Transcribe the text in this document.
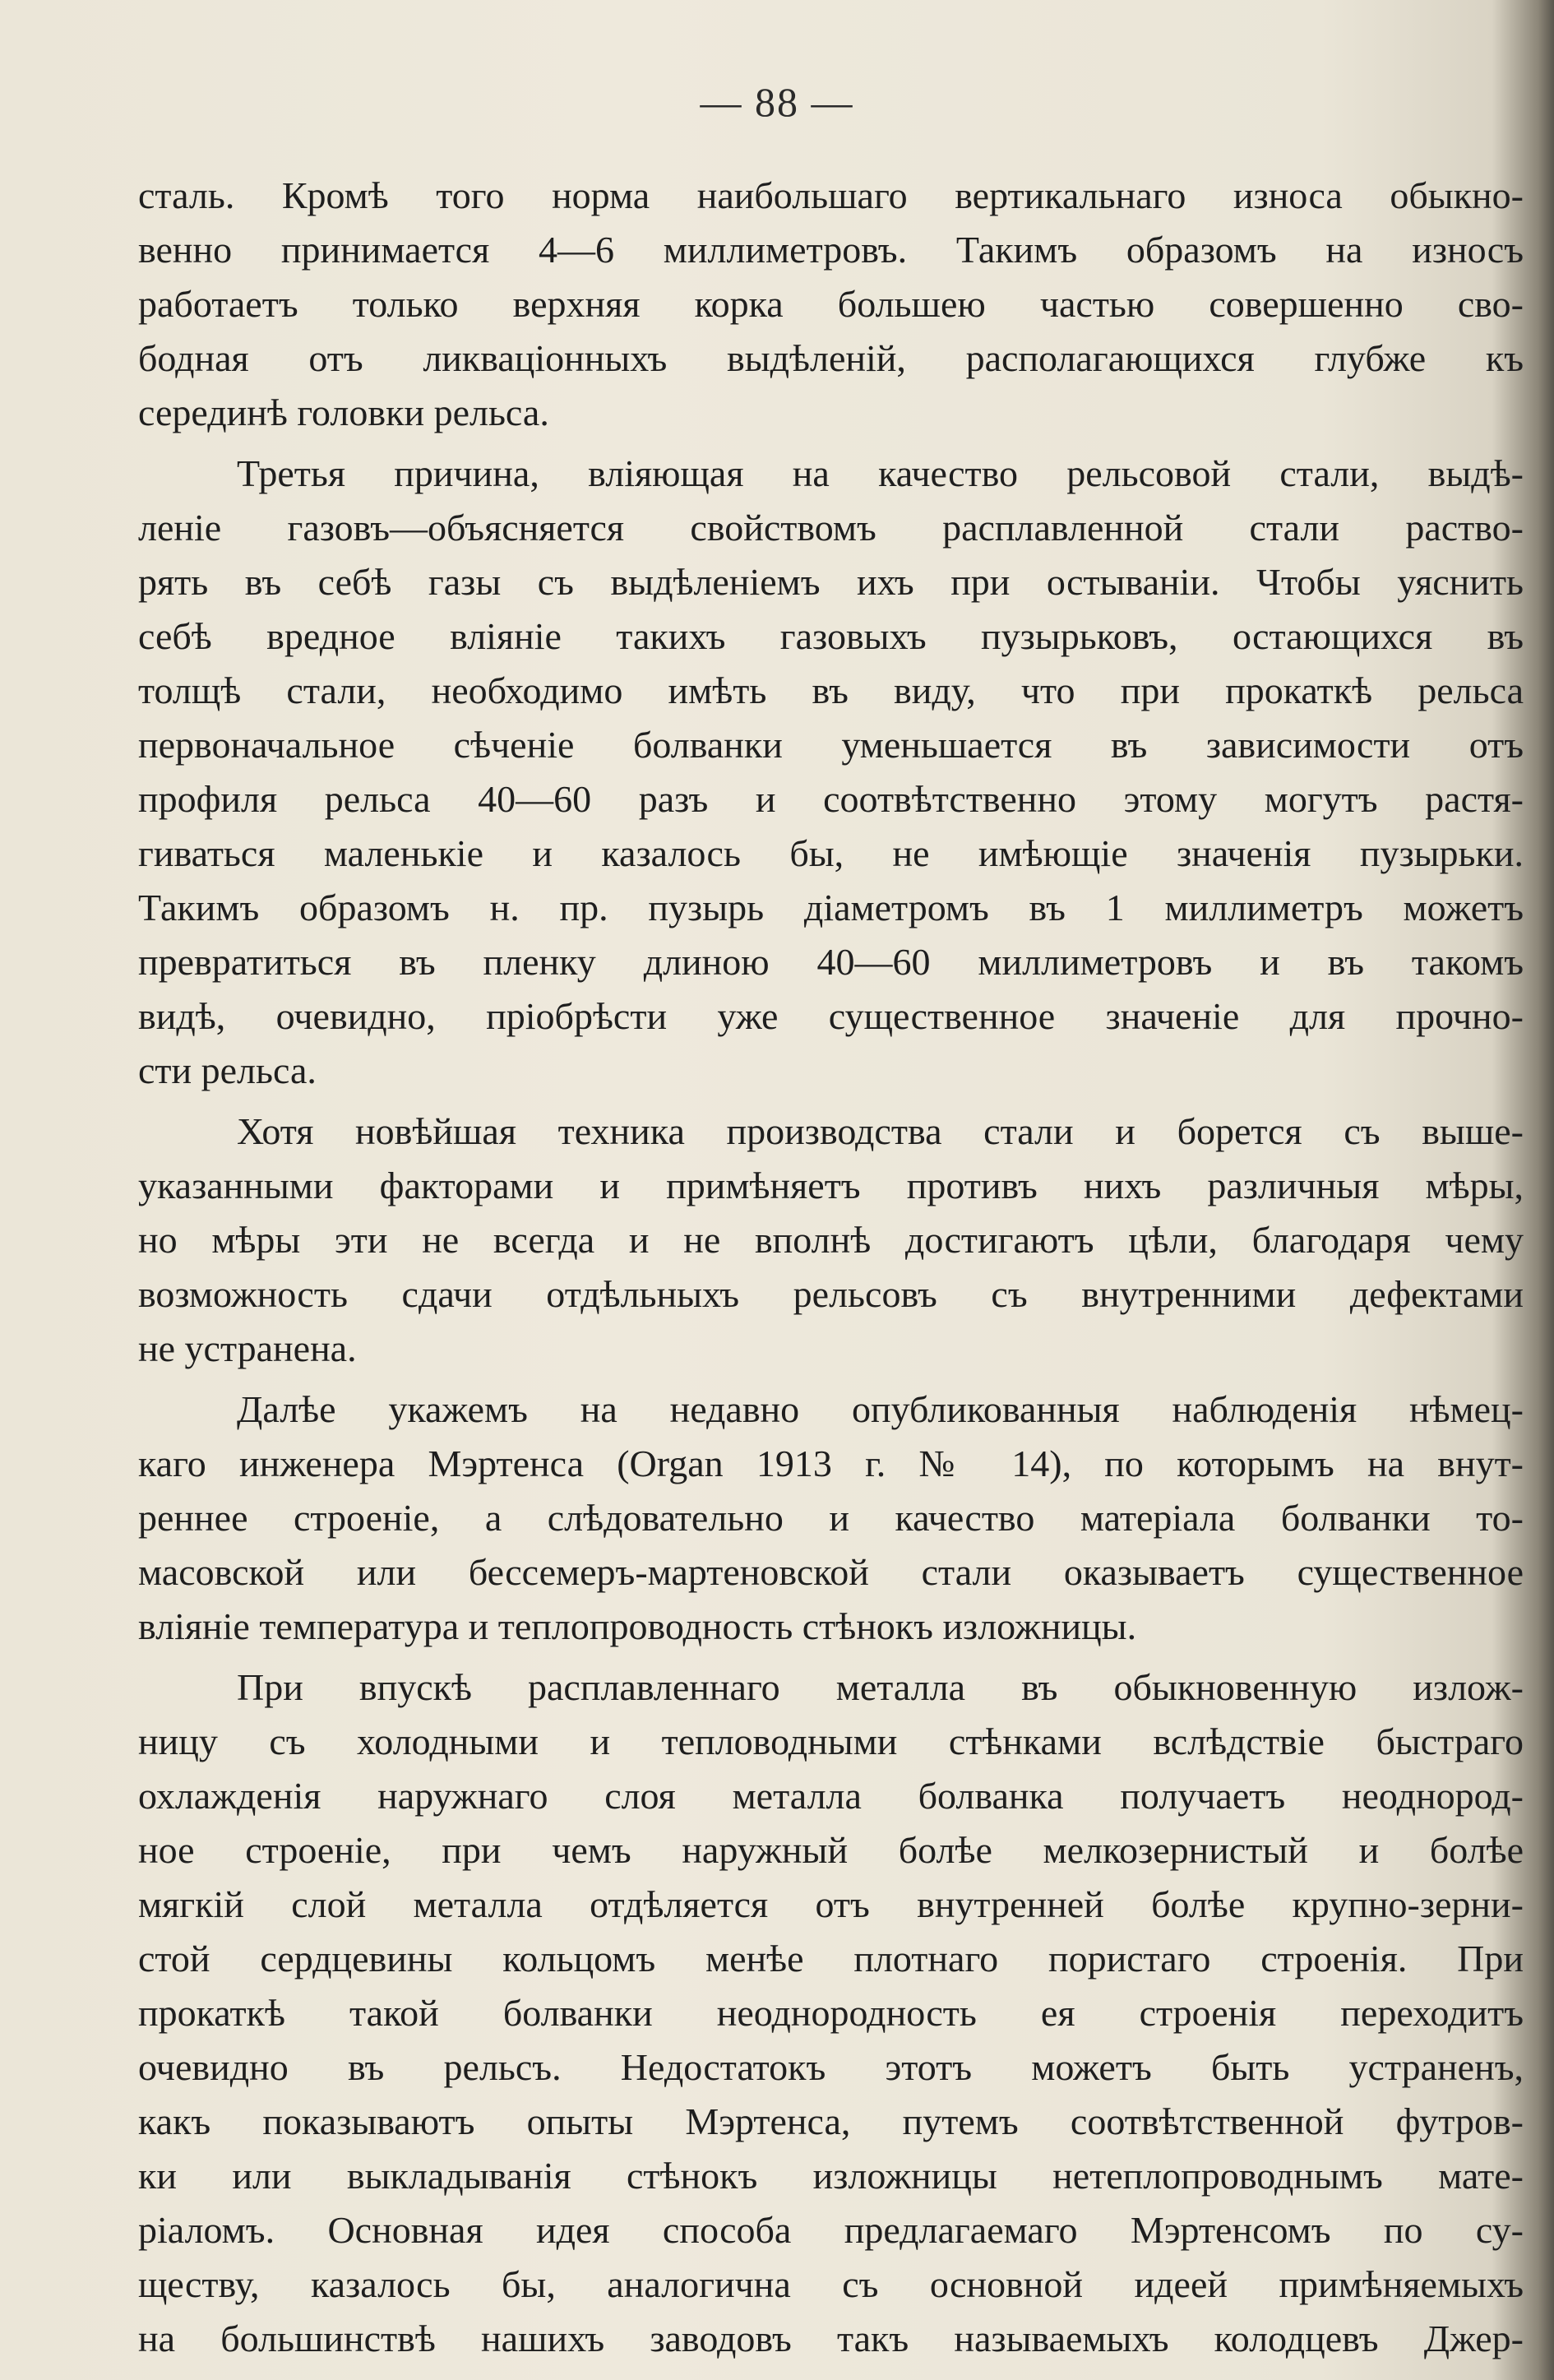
— 88 —
сталь. Кромѣ того норма наибольшаго вертикальнаго износа обыкно-
венно принимается 4—6 миллиметровъ. Такимъ образомъ на износъ
работаетъ только верхняя корка большею частью совершенно сво-
бодная отъ ликваціонныхъ выдѣленій, располагающихся глубже къ
серединѣ головки рельса.
Третья причина, вліяющая на качество рельсовой стали, выдѣ-
леніе газовъ—объясняется свойствомъ расплавленной стали раство-
рять въ себѣ газы съ выдѣленіемъ ихъ при остываніи. Чтобы уяснить
себѣ вредное вліяніе такихъ газовыхъ пузырьковъ, остающихся въ
толщѣ стали, необходимо имѣть въ виду, что при прокаткѣ рельса
первоначальное сѣченіе болванки уменьшается въ зависимости отъ
профиля рельса 40—60 разъ и соотвѣтственно этому могутъ растя-
гиваться маленькіе и казалось бы, не имѣющіе значенія пузырьки.
Такимъ образомъ н. пр. пузырь діаметромъ въ 1 миллиметръ можетъ
превратиться въ пленку длиною 40—60 миллиметровъ и въ такомъ
видѣ, очевидно, пріобрѣсти уже существенное значеніе для прочно-
сти рельса.
Хотя новѣйшая техника производства стали и борется съ выше-
указанными факторами и примѣняетъ противъ нихъ различныя мѣры,
но мѣры эти не всегда и не вполнѣ достигаютъ цѣли, благодаря чему
возможность сдачи отдѣльныхъ рельсовъ съ внутренними дефектами
не устранена.
Далѣе укажемъ на недавно опубликованныя наблюденія нѣмец-
каго инженера Мэртенса (Organ 1913 г. № 14), по которымъ на внут-
реннее строеніе, а слѣдовательно и качество матеріала болванки то-
масовской или бессемеръ-мартеновской стали оказываетъ существенное
вліяніе температура и теплопроводность стѣнокъ изложницы.
При впускѣ расплавленнаго металла въ обыкновенную излож-
ницу съ холодными и тепловодными стѣнками вслѣдствіе быстраго
охлажденія наружнаго слоя металла болванка получаетъ неоднород-
ное строеніе, при чемъ наружный болѣе мелкозернистый и болѣе
мягкій слой металла отдѣляется отъ внутренней болѣе крупно-зерни-
стой сердцевины кольцомъ менѣе плотнаго пористаго строенія. При
прокаткѣ такой болванки неоднородность ея строенія переходитъ
очевидно въ рельсъ. Недостатокъ этотъ можетъ быть устраненъ,
какъ показываютъ опыты Мэртенса, путемъ соотвѣтственной футров-
ки или выкладыванія стѣнокъ изложницы нетеплопроводнымъ мате-
ріаломъ. Основная идея способа предлагаемаго Мэртенсомъ по су-
ществу, казалось бы, аналогична съ основной идеей примѣняемыхъ
на большинствѣ нашихъ заводовъ такъ называемыхъ колодцевъ Джер-
